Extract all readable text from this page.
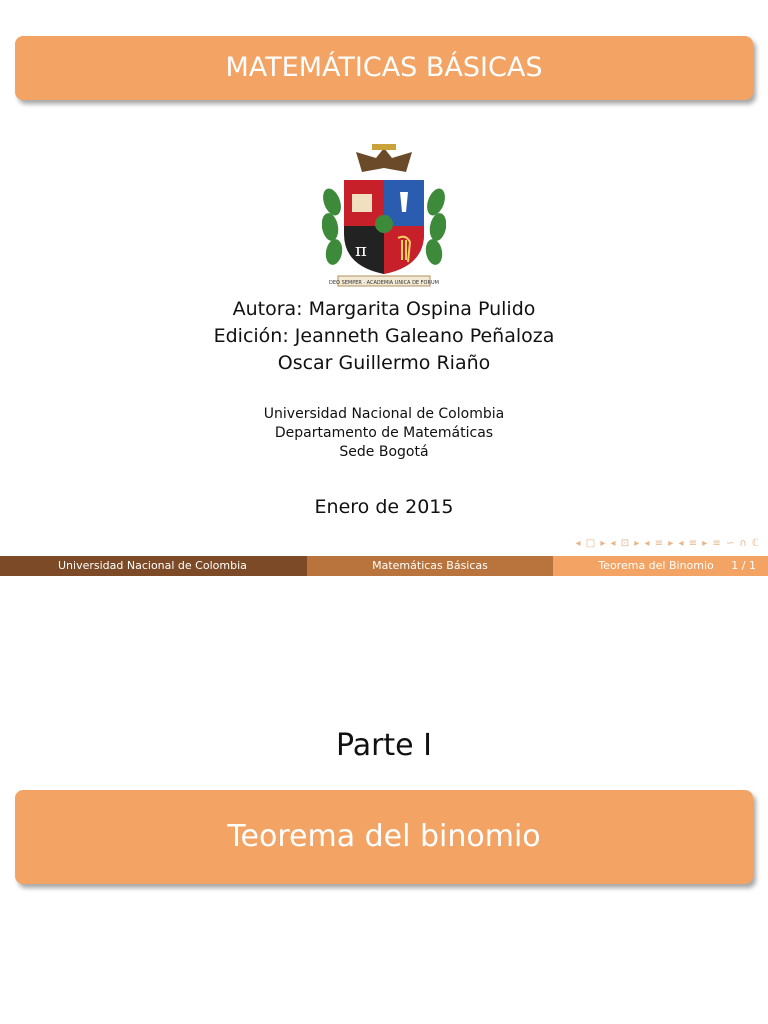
MATEMÁTICAS BÁSICAS
π
DEO SEMPER · ACADEMIA UNICA DE FORUM
Autora: Margarita Ospina Pulido
Edición: Jeanneth Galeano Peñaloza
Oscar Guillermo Riaño
Universidad Nacional de Colombia
Departamento de Matemáticas
Sede Bogotá
Enero de 2015
◂ □ ▸ ◂ ⊡ ▸ ◂ ≡ ▸ ◂ ≡ ▸ ≡ ∽ ∩ ℂ
Universidad Nacional de Colombia	Matemáticas Básicas	Teorema del Binomio 1 / 1
Parte I
Teorema del binomio
